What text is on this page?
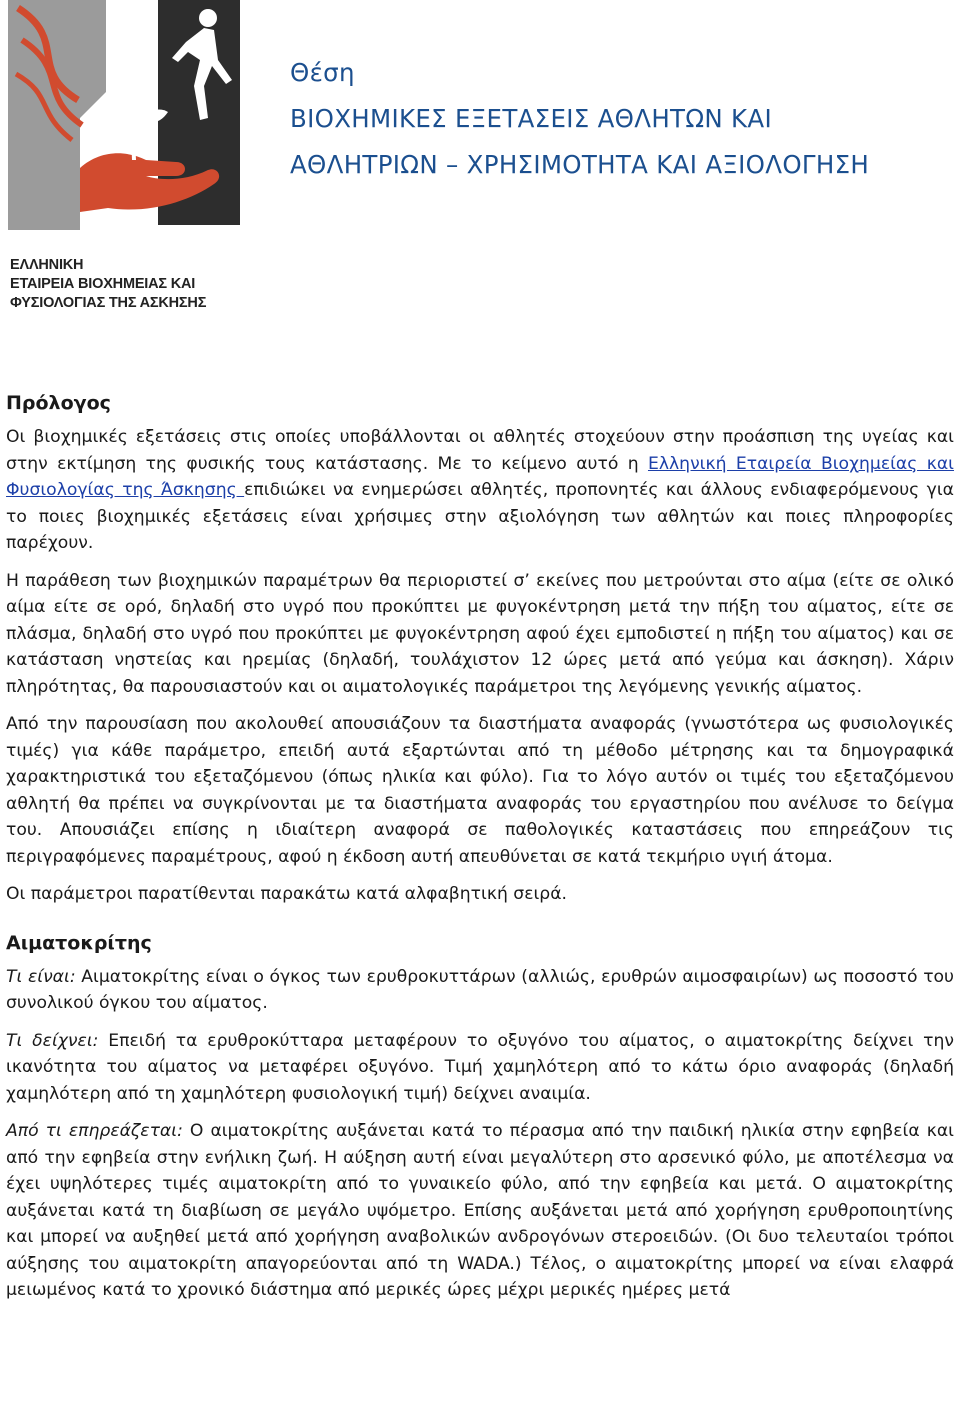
ΕΛΛΗΝΙΚΗ
ΕΤΑΙΡΕΙΑ ΒΙΟΧΗΜΕΙΑΣ ΚΑΙ
ΦΥΣΙΟΛΟΓΙΑΣ ΤΗΣ ΑΣΚΗΣΗΣ
Θέση
ΒΙΟΧΗΜΙΚΕΣ ΕΞΕΤΑΣΕΙΣ ΑΘΛΗΤΩΝ ΚΑΙ
ΑΘΛΗΤΡΙΩΝ – ΧΡΗΣΙΜΟΤΗΤΑ ΚΑΙ ΑΞΙΟΛΟΓΗΣΗ
Πρόλογος

Οι βιοχημικές εξετάσεις στις οποίες υποβάλλονται οι αθλητές στοχεύουν στην προάσπιση της υγείας και στην εκτίμηση της φυσικής τους κατάστασης. Με το κείμενο αυτό η Ελληνική Εταιρεία Βιοχημείας και Φυσιολογίας της Άσκησης επιδιώκει να ενημερώσει αθλητές, προπονητές και άλλους ενδιαφερόμενους για το ποιες βιοχημικές εξετάσεις είναι χρήσιμες στην αξιολόγηση των αθλητών και ποιες πληροφορίες παρέχουν.

Η παράθεση των βιοχημικών παραμέτρων θα περιοριστεί σ’ εκείνες που μετρούνται στο αίμα (είτε σε ολικό αίμα είτε σε ορό, δηλαδή στο υγρό που προκύπτει με φυγοκέντρηση μετά την πήξη του αίματος, είτε σε πλάσμα, δηλαδή στο υγρό που προκύπτει με φυγοκέντρηση αφού έχει εμποδιστεί η πήξη του αίματος) και σε κατάσταση νηστείας και ηρεμίας (δηλαδή, τουλάχιστον 12 ώρες μετά από γεύμα και άσκηση). Χάριν πληρότητας, θα παρουσιαστούν και οι αιματολογικές παράμετροι της λεγόμενης γενικής αίματος.

Από την παρουσίαση που ακολουθεί απουσιάζουν τα διαστήματα αναφοράς (γνωστότερα ως φυσιολογικές τιμές) για κάθε παράμετρο, επειδή αυτά εξαρτώνται από τη μέθοδο μέτρησης και τα δημογραφικά χαρακτηριστικά του εξεταζόμενου (όπως ηλικία και φύλο). Για το λόγο αυτόν οι τιμές του εξεταζόμενου αθλητή θα πρέπει να συγκρίνονται με τα διαστήματα αναφοράς του εργαστηρίου που ανέλυσε το δείγμα του. Απουσιάζει επίσης η ιδιαίτερη αναφορά σε παθολογικές καταστάσεις που επηρεάζουν τις περιγραφόμενες παραμέτρους, αφού η έκδοση αυτή απευθύνεται σε κατά τεκμήριο υγιή άτομα.

Οι παράμετροι παρατίθενται παρακάτω κατά αλφαβητική σειρά.

Αιματοκρίτης

Τι είναι: Αιματοκρίτης είναι ο όγκος των ερυθροκυττάρων (αλλιώς, ερυθρών αιμοσφαιρίων) ως ποσοστό του συνολικού όγκου του αίματος.

Τι δείχνει: Επειδή τα ερυθροκύτταρα μεταφέρουν το οξυγόνο του αίματος, ο αιματοκρίτης δείχνει την ικανότητα του αίματος να μεταφέρει οξυγόνο. Τιμή χαμηλότερη από το κάτω όριο αναφοράς (δηλαδή χαμηλότερη από τη χαμηλότερη φυσιολογική τιμή) δείχνει αναιμία.

Από τι επηρεάζεται: Ο αιματοκρίτης αυξάνεται κατά το πέρασμα από την παιδική ηλικία στην εφηβεία και από την εφηβεία στην ενήλικη ζωή. Η αύξηση αυτή είναι μεγαλύτερη στο αρσενικό φύλο, με αποτέλεσμα να έχει υψηλότερες τιμές αιματοκρίτη από το γυναικείο φύλο, από την εφηβεία και μετά. Ο αιματοκρίτης αυξάνεται κατά τη διαβίωση σε μεγάλο υψόμετρο. Επίσης αυξάνεται μετά από χορήγηση ερυθροποιητίνης και μπορεί να αυξηθεί μετά από χορήγηση αναβολικών ανδρογόνων στεροειδών. (Οι δυο τελευταίοι τρόποι αύξησης του αιματοκρίτη απαγορεύονται από τη WADA.) Τέλος, ο αιματοκρίτης μπορεί να είναι ελαφρά μειωμένος κατά το χρονικό διάστημα από μερικές ώρες μέχρι μερικές ημέρες μετά
